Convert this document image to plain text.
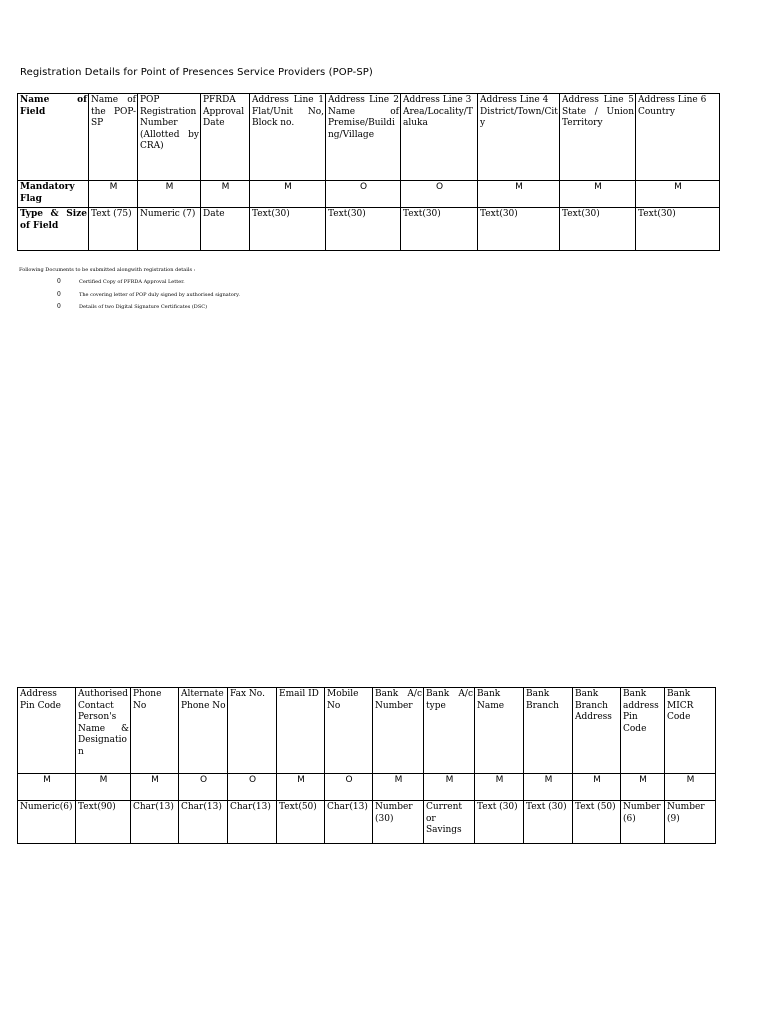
Registration Details for Point of Presences Service Providers (POP-SP)
Name of Field	Name of the POP-SP	POP Registration Number (Allotted by CRA)	PFRDA Approval Date	Address Line 1 Flat/Unit No, Block no.	Address Line 2 Name of Premise/Building/Village	Address Line 3 Area/Locality/Taluka	Address Line 4 District/Town/City	Address Line 5 State / Union Territory	Address Line 6 Country
Mandatory Flag	M	M	M	M	O	O	M	M	M
Type & Size of Field	Text (75)	Numeric (7)	Date	Text(30)	Text(30)	Text(30)	Text(30)	Text(30)	Text(30)
Following Documents to be submitted alongwith registration details :
0	Certified Copy of PFRDA Approval Letter.
0	The covering letter of POP duly signed by authorised signatory.
0	Details of two Digital Signature Certificates (DSC)
Address Pin Code	Authorised Contact Person's Name & Designation	Phone No	Alternate Phone No	Fax No.	Email ID	Mobile No	Bank A/c Number	Bank A/c type	Bank Name	Bank Branch	Bank Branch Address	Bank address Pin Code	Bank MICR Code
M	M	M	O	O	M	O	M	M	M	M	M	M	M
Numeric(6)	Text(90)	Char(13)	Char(13)	Char(13)	Text(50)	Char(13)	Number (30)	Current or Savings	Text (30)	Text (30)	Text (50)	Number (6)	Number (9)
